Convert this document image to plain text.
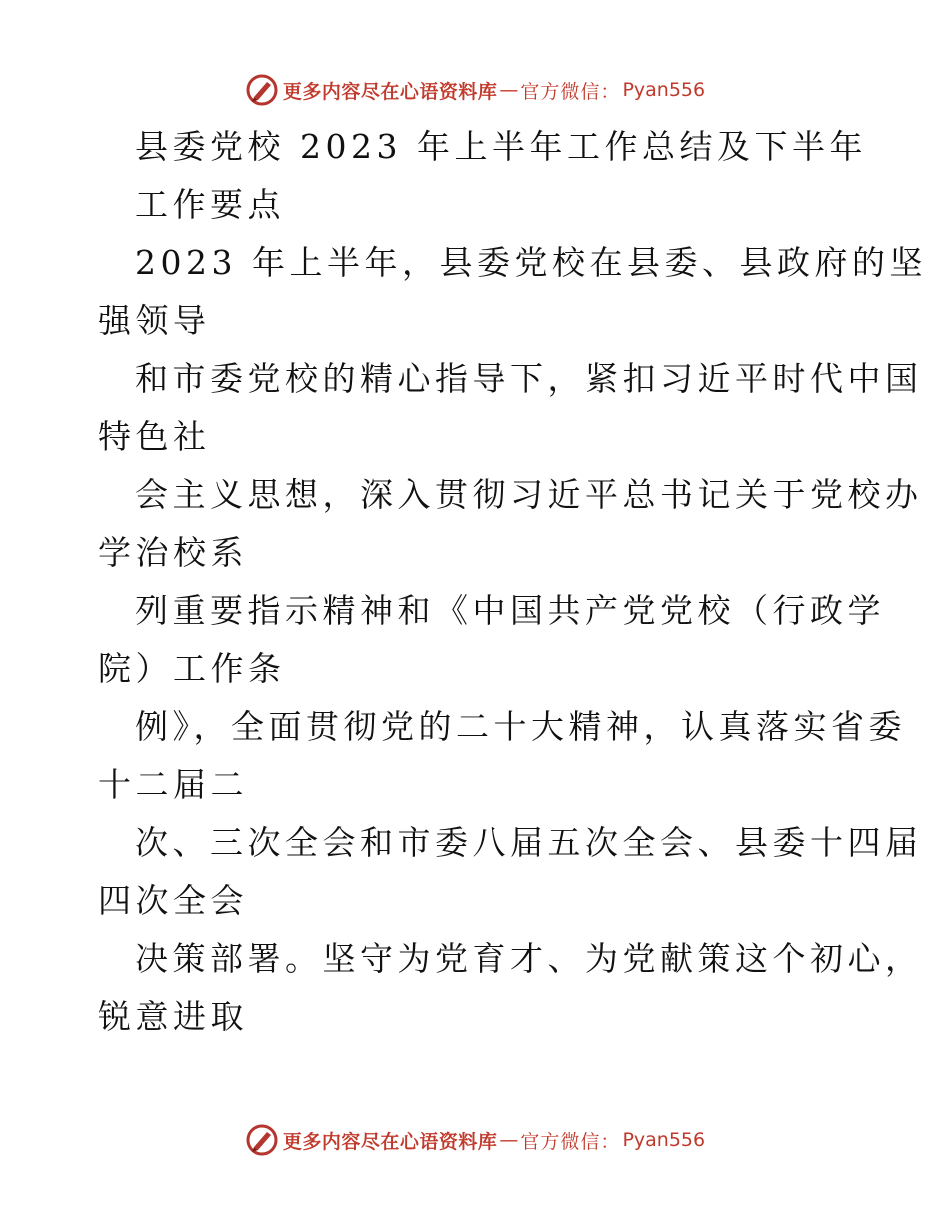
更多内容尽在心语资料库 — 官方微信： Pyan556
县委党校 2023 年上半年工作总结及下半年
工作要点
2023 年上半年，县委党校在县委、县政府的坚
强领导
和市委党校的精心指导下，紧扣习近平时代中国
特色社
会主义思想，深入贯彻习近平总书记关于党校办
学治校系
列重要指示精神和《中国共产党党校（行政学
院）工作条
例》，全面贯彻党的二十大精神，认真落实省委
十二届二
次、三次全会和市委八届五次全会、县委十四届
四次全会
决策部署。坚守为党育才、为党献策这个初心，
锐意进取
更多内容尽在心语资料库 — 官方微信： Pyan556
